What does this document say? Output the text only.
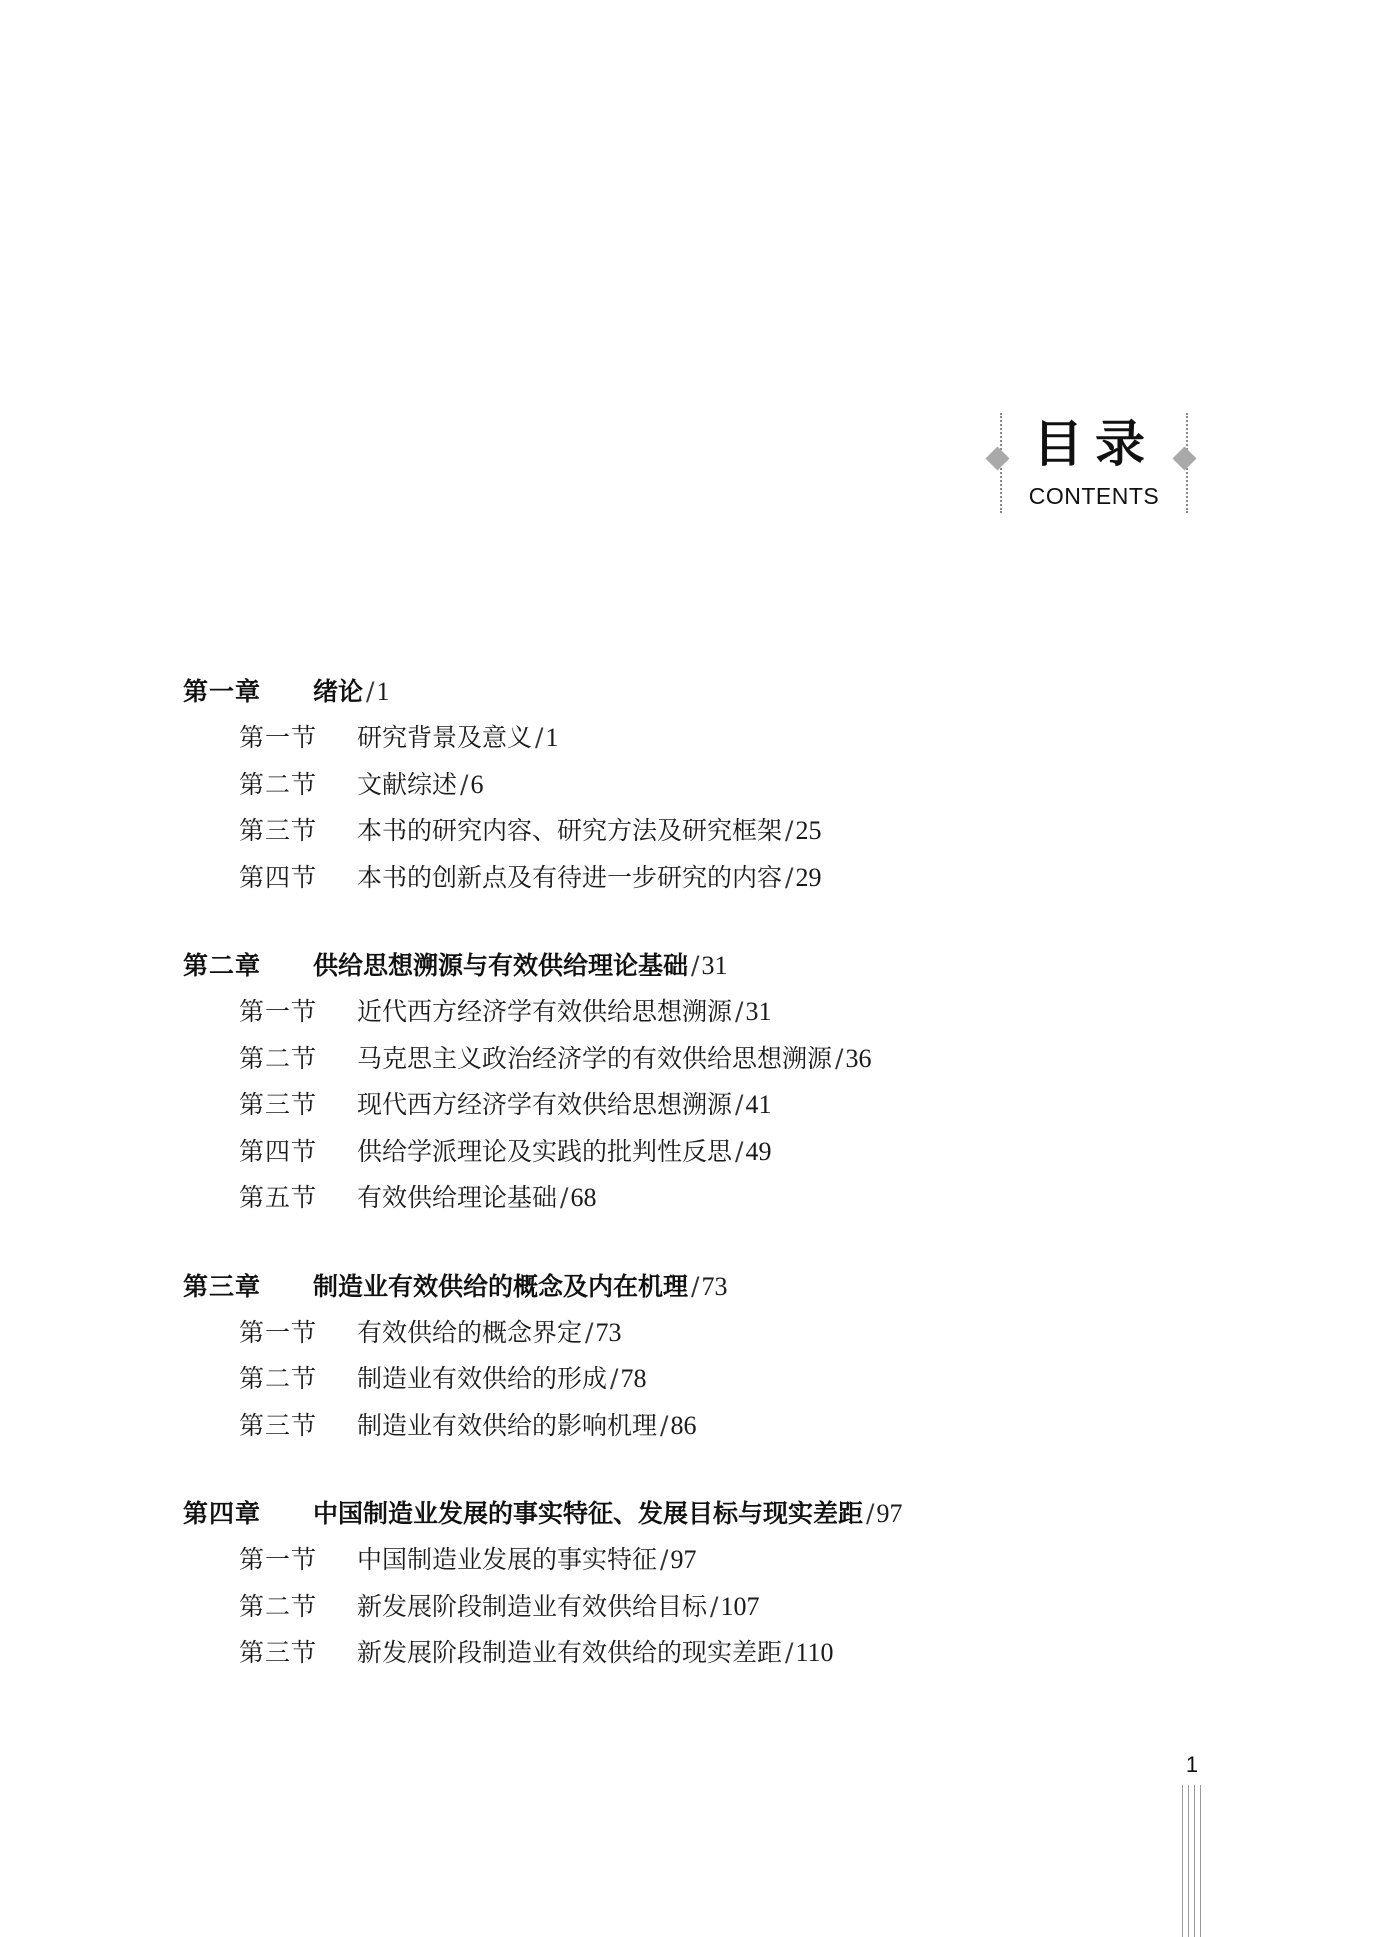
目录
CONTENTS
第一章	绪论 / 1
第一节	研究背景及意义 / 1
第二节	文献综述 / 6
第三节	本书的研究内容、研究方法及研究框架 / 25
第四节	本书的创新点及有待进一步研究的内容 / 29
第二章	供给思想溯源与有效供给理论基础 / 31
第一节	近代西方经济学有效供给思想溯源 / 31
第二节	马克思主义政治经济学的有效供给思想溯源 / 36
第三节	现代西方经济学有效供给思想溯源 / 41
第四节	供给学派理论及实践的批判性反思 / 49
第五节	有效供给理论基础 / 68
第三章	制造业有效供给的概念及内在机理 / 73
第一节	有效供给的概念界定 / 73
第二节	制造业有效供给的形成 / 78
第三节	制造业有效供给的影响机理 / 86
第四章	中国制造业发展的事实特征、发展目标与现实差距 / 97
第一节	中国制造业发展的事实特征 / 97
第二节	新发展阶段制造业有效供给目标 / 107
第三节	新发展阶段制造业有效供给的现实差距 / 110
1
